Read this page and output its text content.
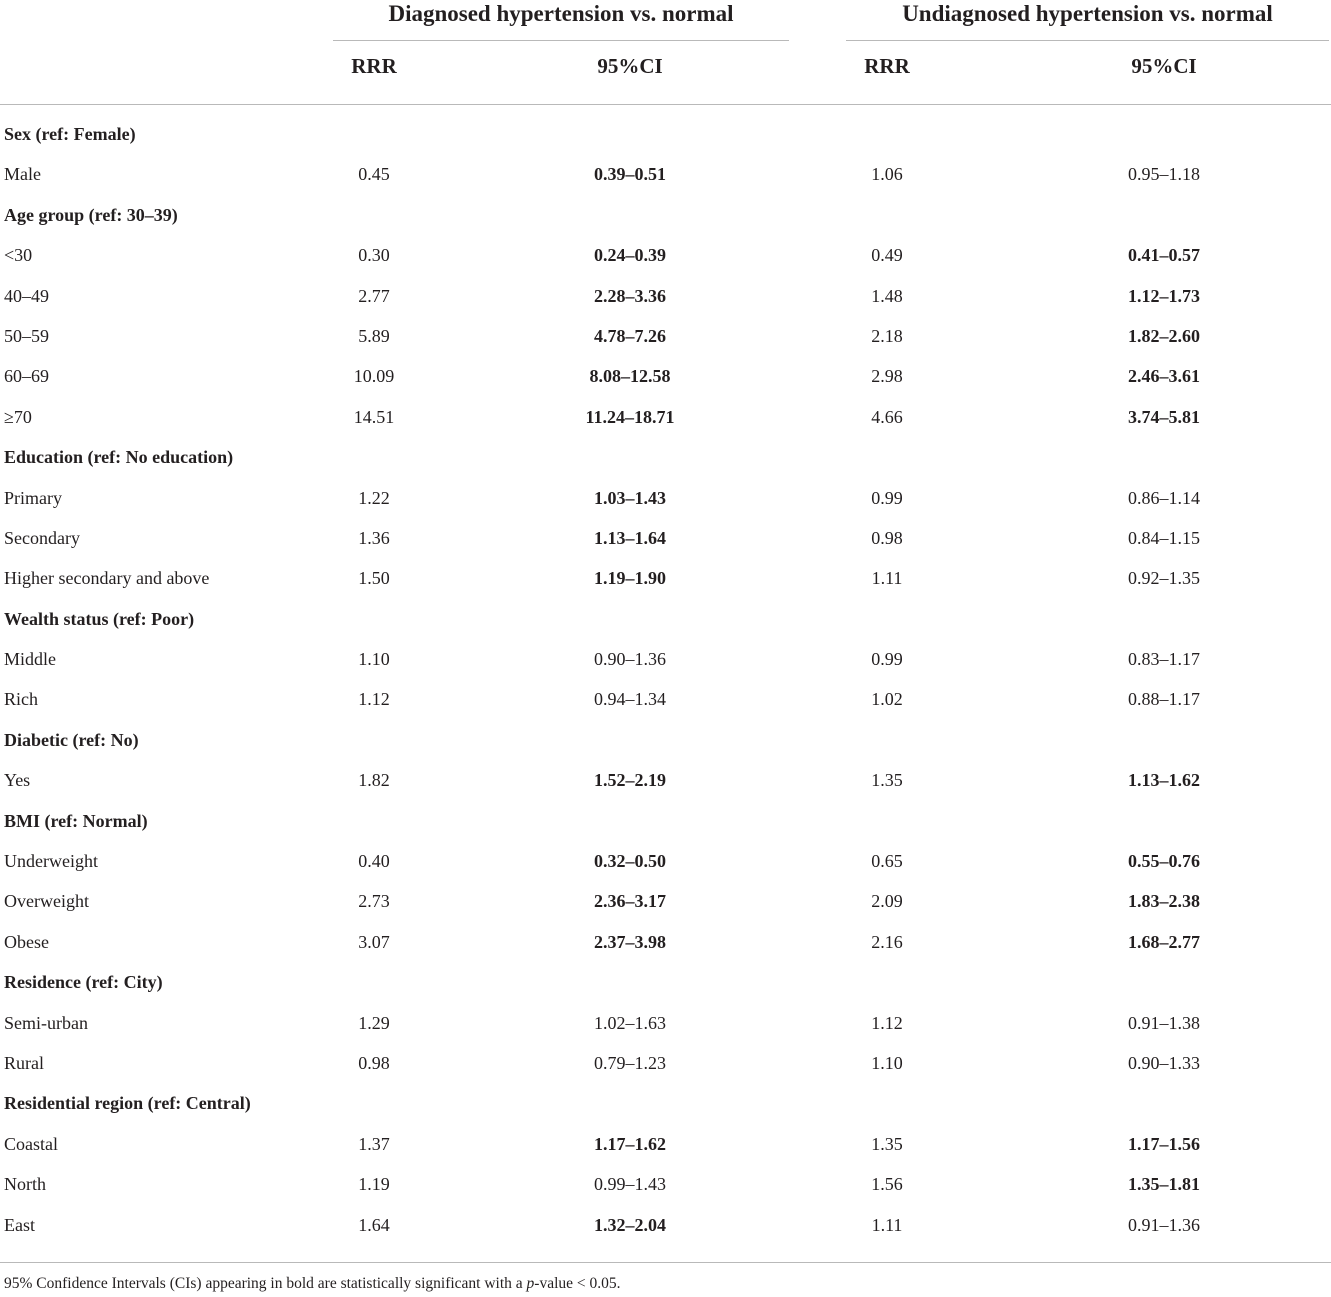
Diagnosed hypertension vs. normal	Undiagnosed hypertension vs. normal
RRR	95%CI	RRR	95%CI
Sex (ref: Female)
Male	0.45	0.39–0.51	1.06	0.95–1.18
Age group (ref: 30–39)
<30	0.30	0.24–0.39	0.49	0.41–0.57
40–49	2.77	2.28–3.36	1.48	1.12–1.73
50–59	5.89	4.78–7.26	2.18	1.82–2.60
60–69	10.09	8.08–12.58	2.98	2.46–3.61
≥70	14.51	11.24–18.71	4.66	3.74–5.81
Education (ref: No education)
Primary	1.22	1.03–1.43	0.99	0.86–1.14
Secondary	1.36	1.13–1.64	0.98	0.84–1.15
Higher secondary and above	1.50	1.19–1.90	1.11	0.92–1.35
Wealth status (ref: Poor)
Middle	1.10	0.90–1.36	0.99	0.83–1.17
Rich	1.12	0.94–1.34	1.02	0.88–1.17
Diabetic (ref: No)
Yes	1.82	1.52–2.19	1.35	1.13–1.62
BMI (ref: Normal)
Underweight	0.40	0.32–0.50	0.65	0.55–0.76
Overweight	2.73	2.36–3.17	2.09	1.83–2.38
Obese	3.07	2.37–3.98	2.16	1.68–2.77
Residence (ref: City)
Semi-urban	1.29	1.02–1.63	1.12	0.91–1.38
Rural	0.98	0.79–1.23	1.10	0.90–1.33
Residential region (ref: Central)
Coastal	1.37	1.17–1.62	1.35	1.17–1.56
North	1.19	0.99–1.43	1.56	1.35–1.81
East	1.64	1.32–2.04	1.11	0.91–1.36
95% Confidence Intervals (CIs) appearing in bold are statistically significant with a p-value < 0.05.
